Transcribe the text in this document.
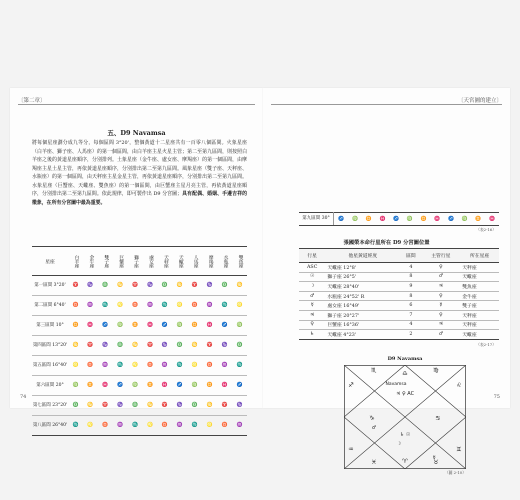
〔第二章〕
五、D9 Navamsa
將每個星座劃分成九等分，每個區間 3°20'，整個黃道十二星座共有一百零八個區間。火象星座（白羊座、獅子座、人馬座）的第一個區間，由白羊座主星火星主管；第二至第九區間，則按照白羊座之後的黃道星座順序，分別排列。土象星座（金牛座、處女座、摩羯座）的第一個區間，由摩羯座主星土星主管，再依黃道星座順序，分別排出第二至第九區間。風象星座（雙子座、天秤座、水瓶座）的第一個區間，由天秤座主星金星主管，再依黃道星座順序，分別排出第二至第九區間。水象星座（巨蟹座、天蠍座、雙魚座）的第一個區間，由巨蟹座主星月亮主管，再依黃道星座順序，分別排出第二至第九區間。依此規律，即可製作出 D9 分宮圖；具有配偶、婚姻、手邊吉祥的徵象，在所有分宮圖中最為重要。
星座	白羊座	金牛座	雙子座	巨蟹座	獅子座	處女座	天秤座	天蠍座	人馬座	摩羯座	水瓶座	雙魚座
第一區間 3°20'	♈	♑	♎	♋	♈	♑	♎	♋	♈	♑	♎	♋
第二區間 6°40'	♉	♒	♏	♌	♉	♒	♏	♌	♉	♒	♏	♌
第三區間 10°	♊	♓	♐	♍	♊	♓	♐	♍	♊	♓	♐	♍
第四區間 13°20'	♋	♈	♑	♎	♋	♈	♑	♎	♋	♈	♑	♎
第五區間 16°40'	♌	♉	♒	♏	♌	♉	♒	♏	♌	♉	♒	♏
第六區間 20°	♍	♊	♓	♐	♍	♊	♓	♐	♍	♊	♓	♐
第七區間 23°20'	♎	♋	♈	♑	♎	♋	♈	♑	♎	♋	♈	♑
第八區間 26°40'	♏	♌	♉	♒	♏	♌	♉	♒	♏	♌	♉	♒
74
〔天宮圖的建立〕
第九區間 30°	♐	♍	♊	♓	♐	♍	♊	♓	♐	♍	♊	♓
（表2-16）
張國榮本命行星所在 D9 分宮圖位置
行星	他星黃道經度	區間	主管行星	所在星座
ASC	天蠍座 12°8'	4	♀	天秤座
☉	獅子座 26°5'	8	♂	天蠍座
☽	天蠍座 28°40'	9	♃	雙魚座
♂	水瓶座 24°52' R	8	♀	金牛座
☿	處女座 16°49'	6	☿	雙子座
♃	獅子座 20°27'	7	♀	天秤座
♀	巨蟹座 16°36'	4	♃	天秤座
♄	天蠍座 4°23'	2	♂	天蠍座
（表2-17）
D9 Navamsa
♎
♏
♐
♑
♒
♓	♈	♉
♊
♋
♌
♍
Navamsa
♃ ♀ AC
♄ ☉
♂
☽
☿
（圖 2-10）
75
